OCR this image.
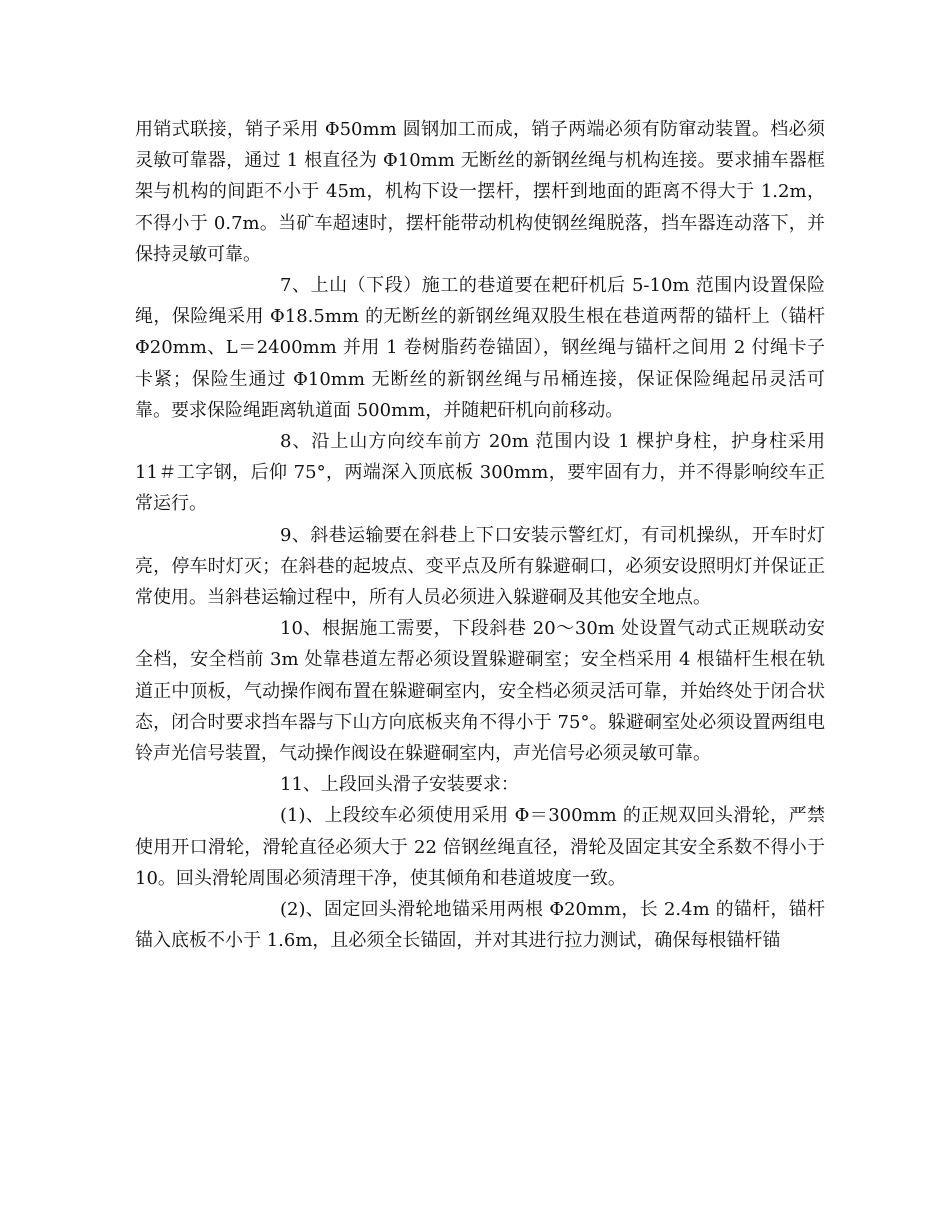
用销式联接，销子采用 Φ50mm 圆钢加工而成，销子两端必须有防窜动装置。档必须灵敏可靠器，通过 1 根直径为 Φ10mm 无断丝的新钢丝绳与机构连接。要求捕车器框架与机构的间距不小于 45m，机构下设一摆杆，摆杆到地面的距离不得大于 1.2m，不得小于 0.7m。当矿车超速时，摆杆能带动机构使钢丝绳脱落，挡车器连动落下，并保持灵敏可靠。

7、上山（下段）施工的巷道要在耙矸机后 5-10m 范围内设置保险绳，保险绳采用 Φ18.5mm 的无断丝的新钢丝绳双股生根在巷道两帮的锚杆上（锚杆 Φ20mm、L＝2400mm 并用 1 卷树脂药卷锚固），钢丝绳与锚杆之间用 2 付绳卡子卡紧；保险生通过 Φ10mm 无断丝的新钢丝绳与吊桶连接，保证保险绳起吊灵活可靠。要求保险绳距离轨道面 500mm，并随耙矸机向前移动。

8、沿上山方向绞车前方 20m 范围内设 1 棵护身柱，护身柱采用 11＃工字钢，后仰 75°，两端深入顶底板 300mm，要牢固有力，并不得影响绞车正常运行。

9、斜巷运输要在斜巷上下口安装示警红灯，有司机操纵，开车时灯亮，停车时灯灭；在斜巷的起坡点、变平点及所有躲避硐口，必须安设照明灯并保证正常使用。当斜巷运输过程中，所有人员必须进入躲避硐及其他安全地点。

10、根据施工需要，下段斜巷 20～30m 处设置气动式正规联动安全档，安全档前 3m 处靠巷道左帮必须设置躲避硐室；安全档采用 4 根锚杆生根在轨道正中顶板，气动操作阀布置在躲避硐室内，安全档必须灵活可靠，并始终处于闭合状态，闭合时要求挡车器与下山方向底板夹角不得小于 75°。躲避硐室处必须设置两组电铃声光信号装置，气动操作阀设在躲避硐室内，声光信号必须灵敏可靠。

11、上段回头滑子安装要求：

(1)、上段绞车必须使用采用 Φ＝300mm 的正规双回头滑轮，严禁使用开口滑轮，滑轮直径必须大于 22 倍钢丝绳直径，滑轮及固定其安全系数不得小于 10。回头滑轮周围必须清理干净，使其倾角和巷道坡度一致。

(2)、固定回头滑轮地锚采用两根 Φ20mm，长 2.4m 的锚杆，锚杆锚入底板不小于 1.6m，且必须全长锚固，并对其进行拉力测试，确保每根锚杆锚
